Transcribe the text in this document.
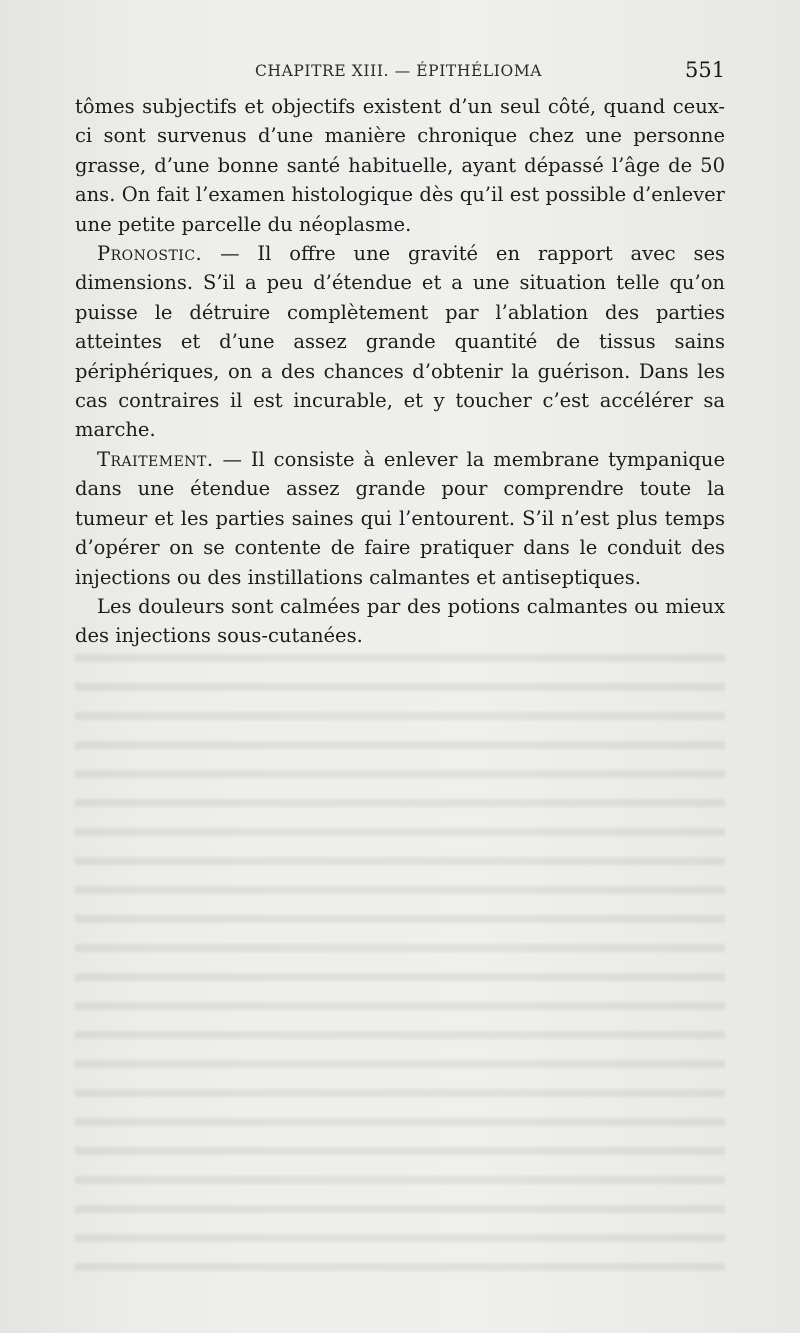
CHAPITRE XIII. — ÉPITHÉLIOMA	551

tômes subjectifs et objectifs existent d’un seul côté, quand ceux-ci sont survenus d’une manière chronique chez une personne grasse, d’une bonne santé habituelle, ayant dépassé l’âge de 50 ans. On fait l’examen histologique dès qu’il est possible d’enlever une petite parcelle du néoplasme.

Pronostic. — Il offre une gravité en rapport avec ses dimensions. S’il a peu d’étendue et a une situation telle qu’on puisse le détruire complètement par l’ablation des parties atteintes et d’une assez grande quantité de tissus sains périphériques, on a des chances d’obtenir la guérison. Dans les cas contraires il est incurable, et y toucher c’est accélérer sa marche.

Traitement. — Il consiste à enlever la membrane tympanique dans une étendue assez grande pour comprendre toute la tumeur et les parties saines qui l’entourent. S’il n’est plus temps d’opérer on se contente de faire pratiquer dans le conduit des injections ou des instillations calmantes et antiseptiques.

Les douleurs sont calmées par des potions calmantes ou mieux des injections sous-cutanées.
